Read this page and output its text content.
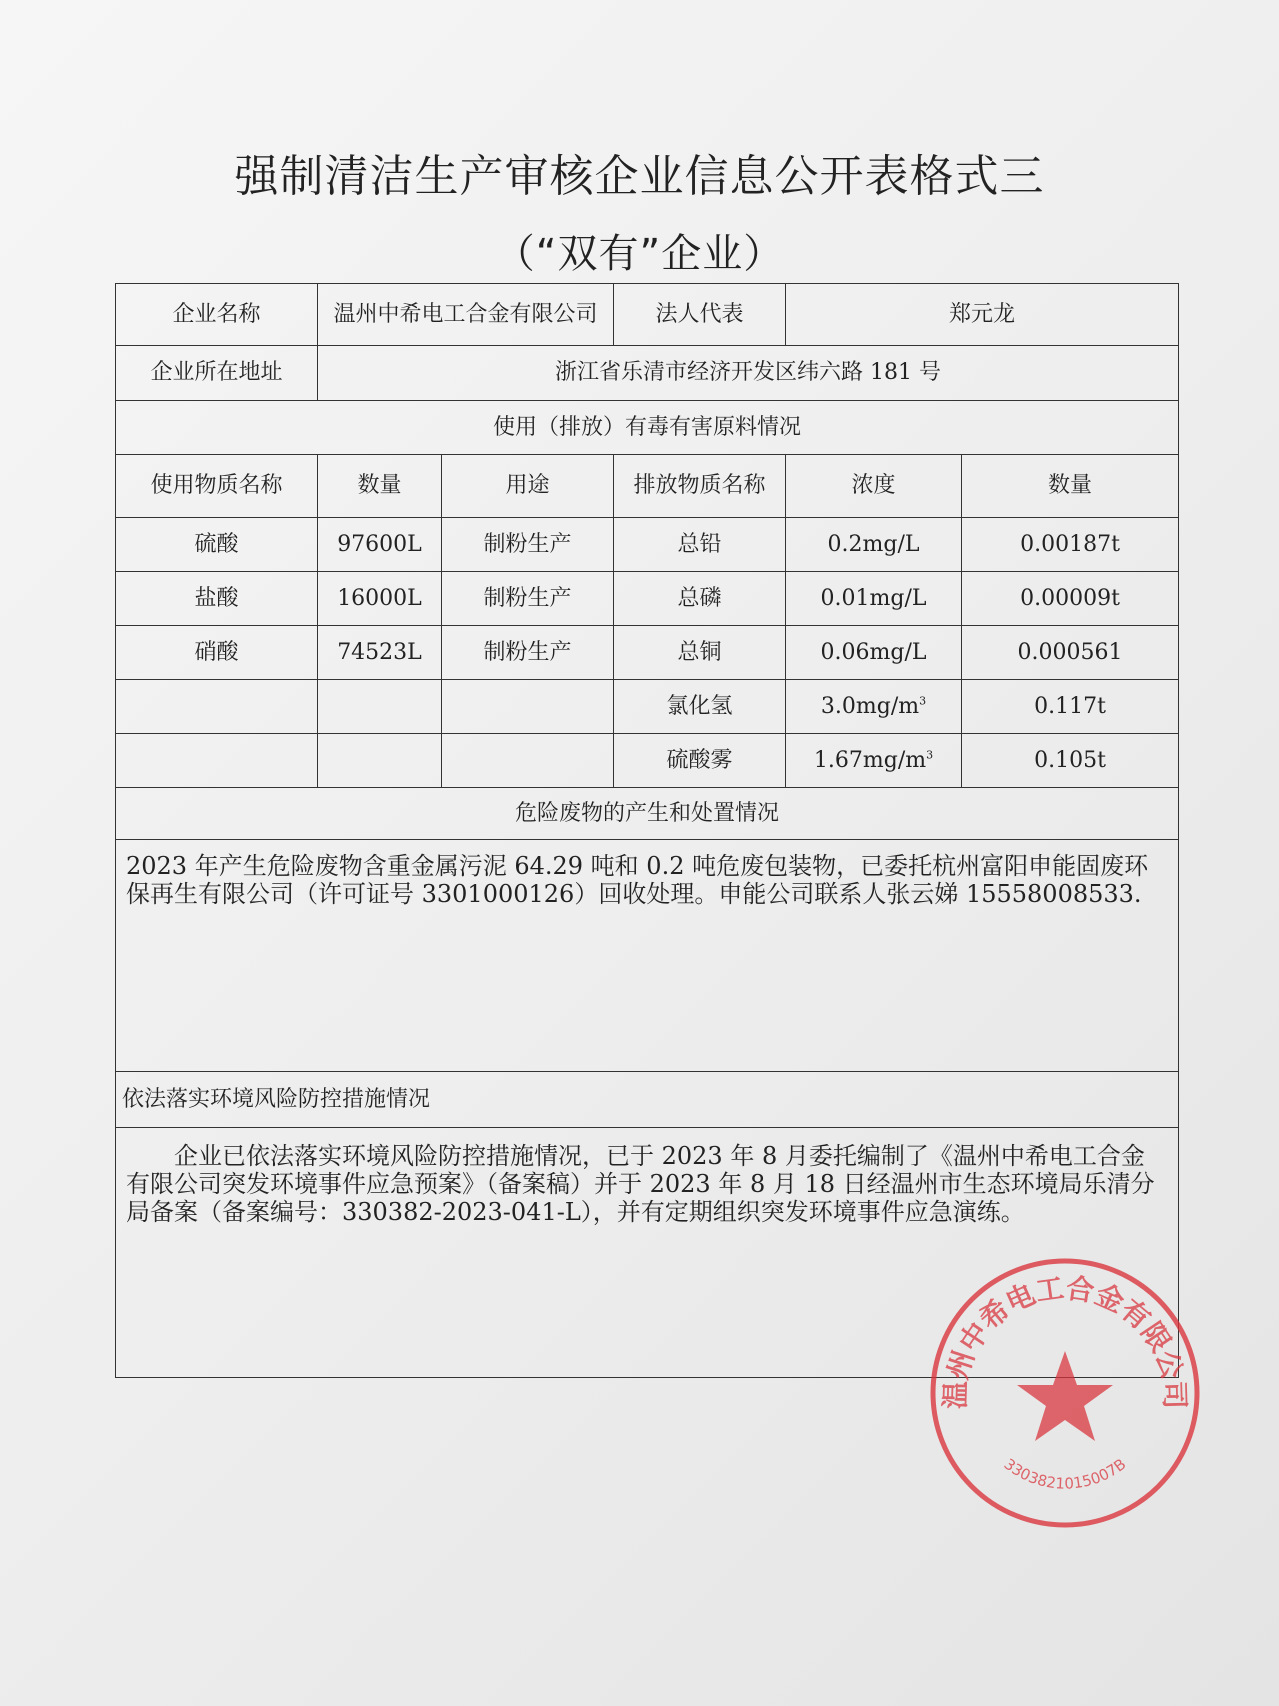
强制清洁生产审核企业信息公开表格式三
（“双有”企业）
企业名称	温州中希电工合金有限公司		法人代表	郑元龙	
企业所在地址	浙江省乐清市经济开发区纬六路 181 号				
使用（排放）有毒有害原料情况					
使用物质名称	数量	用途	排放物质名称	浓度	数量
硫酸	97600L	制粉生产	总铅	0.2mg/L	0.00187t
盐酸	16000L	制粉生产	总磷	0.01mg/L	0.00009t
硝酸	74523L	制粉生产	总铜	0.06mg/L	0.000561
			氯化氢	$3.0mg/m^3$	0.117t
			硫酸雾	$1.67mg/m^3$	0.105t
危险废物的产生和处置情况					
2023 年产生危险废物含重金属污泥 64.29 吨和 0.2 吨危废包装物，已委托杭州富阳申能固废环保再生有限公司（许可证号 3301000126）回收处理。申能公司联系人张云娣 15558008533.					
依法落实环境风险防控措施情况					
企业已依法落实环境风险防控措施情况，已于 2023 年 8 月委托编制了《温州中希电工合金有限公司突发环境事件应急预案》（备案稿）并于 2023 年 8 月 18 日经温州市生态环境局乐清分局备案（备案编号：330382-2023-041-L），并有定期组织突发环境事件应急演练。					
温州中希电工合金有限公司
3303821015007B
